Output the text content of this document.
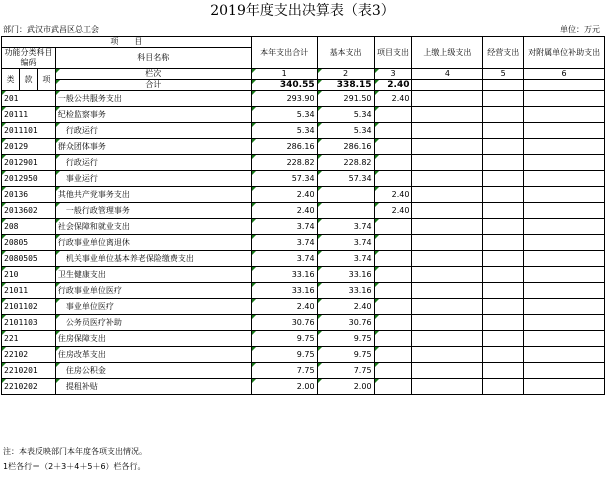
2019年度支出决算表（表3）
部门：武汉市武昌区总工会	单位：万元
项　　目				本年支出合计	基本支出	项目支出	上缴上级支出	经营支出	对附属单位补助支出
功能分类科目编码			科目名称						

类	款	项							
			栏次	1	2	3	4	5	6
			合计	340.55	338.15	2.40			
201			一般公共服务支出	293.90	291.50	2.40			
20111			纪检监察事务	5.34	5.34				
2011101			　行政运行	5.34	5.34				
20129			群众团体事务	286.16	286.16				
2012901			　行政运行	228.82	228.82				
2012950			　事业运行	57.34	57.34				
20136			其他共产党事务支出	2.40		2.40			
2013602			　一般行政管理事务	2.40		2.40			
208			社会保障和就业支出	3.74	3.74				
20805			行政事业单位离退休	3.74	3.74				
2080505			　机关事业单位基本养老保险缴费支出	3.74	3.74				
210			卫生健康支出	33.16	33.16				
21011			行政事业单位医疗	33.16	33.16				
2101102			　事业单位医疗	2.40	2.40				
2101103			　公务员医疗补助	30.76	30.76				
221			住房保障支出	9.75	9.75				
22102			住房改革支出	9.75	9.75				
2210201			　住房公积金	7.75	7.75				
2210202			　提租补贴	2.00	2.00				
注：本表反映部门本年度各项支出情况。
1栏各行＝（2＋3＋4＋5＋6）栏各行。
